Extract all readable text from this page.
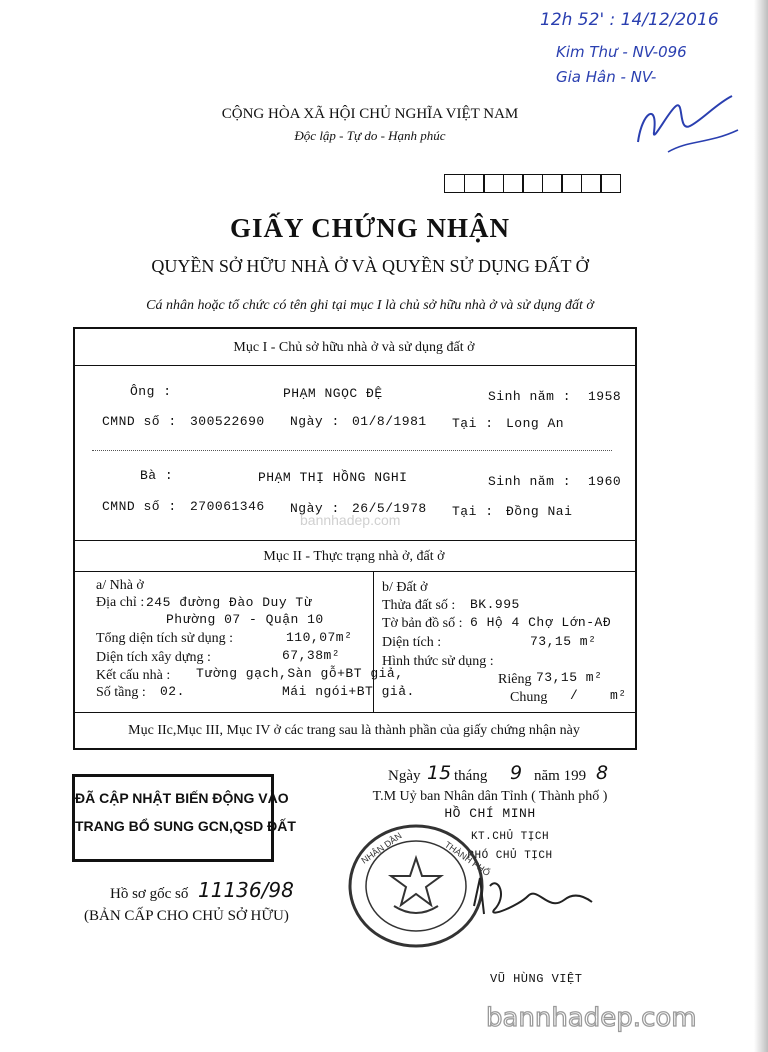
12h 52' : 14/12/2016
Kim Thư - NV-096
Gia Hân - NV-
CỘNG HÒA XÃ HỘI CHỦ NGHĨA VIỆT NAM
Độc lập - Tự do - Hạnh phúc
GIẤY CHỨNG NHẬN
QUYỀN SỞ HỮU NHÀ Ở VÀ QUYỀN SỬ DỤNG ĐẤT Ở
Cá nhân hoặc tổ chức có tên ghi tại mục I là chủ sở hữu nhà ở và sử dụng đất ở
Mục I - Chủ sở hữu nhà ở và sử dụng đất ở
Ông :	PHẠM NGỌC ĐỆ	Sinh năm : 1958
CMND số : 300522690 Ngày : 01/8/1981 Tại : Long An
Bà :	PHẠM THỊ HỒNG NGHI	Sinh năm : 1960
CMND số : 270061346 Ngày : 26/5/1978 Tại : Đồng Nai
bannhadep.com
Mục II - Thực trạng nhà ở, đất ở
a/ Nhà ở
Địa chỉ : 245 đường Đào Duy Từ
Phường 07 - Quận 10
Tổng diện tích sử dụng :	110,07m²
Diện tích xây dựng :	67,38m²
Kết cấu nhà : Tường gạch,Sàn gỗ+BT giả,
Số tầng : 02.	Mái ngói+BT giả.
b/ Đất ở
Thửa đất số : BK.995
Tờ bản đồ số : 6 Hộ 4 Chợ Lớn-AĐ
Diện tích :	73,15 m²
Hình thức sử dụng :
Riêng 73,15 m²
Chung / m²
Mục IIc,Mục III, Mục IV ở các trang sau là thành phần của giấy chứng nhận này
ĐÃ CẬP NHẬT BIẾN ĐỘNG VÀO
TRANG BỔ SUNG GCN,QSD ĐẤT
Hồ sơ gốc số 11136/98
(BẢN CẤP CHO CHỦ SỞ HỮU)
Ngày 15 tháng 9 năm 199 8
T.M Uỷ ban Nhân dân Tỉnh ( Thành phố )
HỒ CHÍ MINH
KT.CHỦ TỊCH
PHÓ CHỦ TỊCH
NHÂN DÂN	THÀNH PHỐ
VŨ HÙNG VIỆT
bannhadep.com
